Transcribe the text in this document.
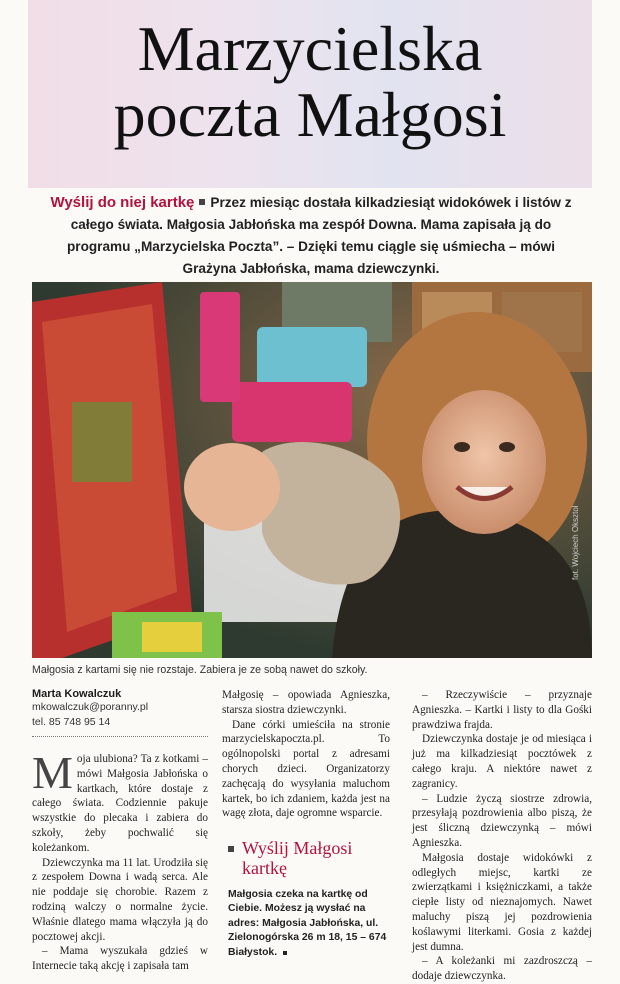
Marzycielska
poczta Małgosi
Wyślij do niej kartkę Przez miesiąc dostała kilkadziesiąt widokówek i listów z całego świata. Małgosia Jabłońska ma zespół Downa. Mama zapisała ją do programu „Marzycielska Poczta”. – Dzięki temu ciągle się uśmiecha – mówi Grażyna Jabłońska, mama dziewczynki.
fot. Wojciech Oksztol
Małgosia z kartami się nie rozstaje. Zabiera je ze sobą nawet do szkoły.
Marta Kowalczuk
mkowalczuk@poranny.pl
tel. 85 748 95 14
M oja ulubiona? Ta z kotkami – mówi Małgosia Jabłońska o kartkach, które dostaje z całego świata. Codziennie pakuje wszystkie do plecaka i zabiera do szkoły, żeby pochwalić się koleżankom.

Dziewczynka ma 11 lat. Urodziła się z zespołem Downa i wadą serca. Ale nie poddaje się chorobie. Razem z rodziną walczy o normalne życie. Właśnie dlatego mama włączyła ją do pocztowej akcji.

– Mama wyszukała gdzieś w Internecie taką akcję i zapisała tam

Małgosię – opowiada Agnieszka, starsza siostra dziewczynki.

Dane córki umieściła na stronie marzycielskapoczta.pl. To ogólnopolski portal z adresami chorych dzieci. Organizatorzy zachęcają do wysyłania maluchom kartek, bo ich zdaniem, każda jest na wagę złota, daje ogromne wsparcie.

Wyślij Małgosi kartkę
Małgosia czeka na kartkę od Ciebie. Możesz ją wysłać na adres: Małgosia Jabłońska, ul. Zielonogórska 26 m 18, 15 – 674 Białystok.

– Rzeczywiście – przyznaje Agnieszka. – Kartki i listy to dla Gośki prawdziwa frajda.

Dziewczynka dostaje je od miesiąca i już ma kilkadziesiąt pocztówek z całego kraju. A niektóre nawet z zagranicy.

– Ludzie życzą siostrze zdrowia, przesyłają pozdrowienia albo piszą, że jest śliczną dziewczynką – mówi Agnieszka.

Małgosia dostaje widokówki z odległych miejsc, kartki ze zwierzątkami i księżniczkami, a także ciepłe listy od nieznajomych. Nawet maluchy piszą jej pozdrowienia koślawymi literkami. Gosia z każdej jest dumna.

– A koleżanki mi zazdroszczą – dodaje dziewczynka.
